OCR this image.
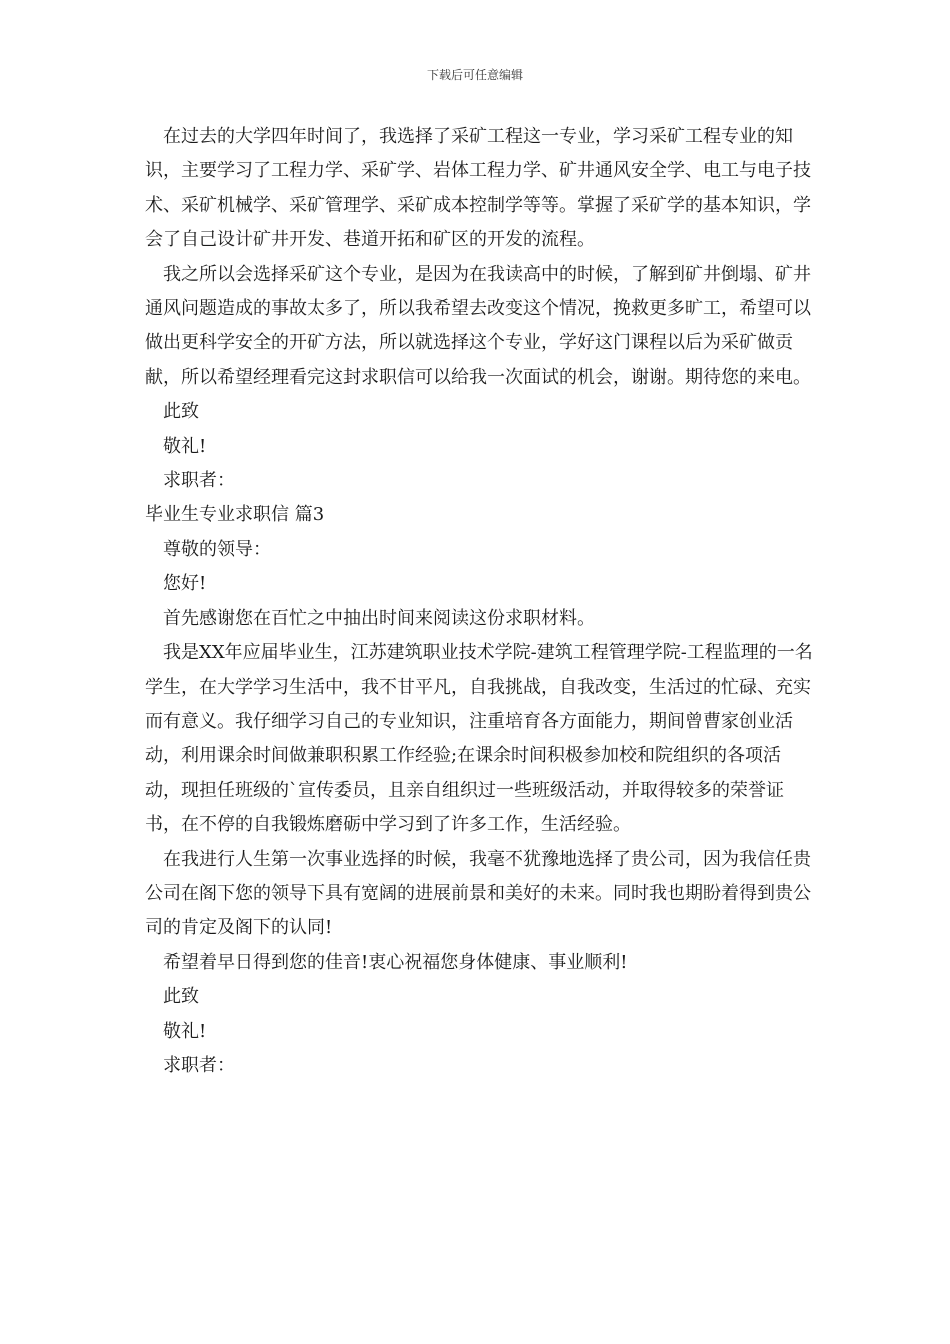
下载后可任意编辑

在过去的大学四年时间了，我选择了采矿工程这一专业，学习采矿工程专业的知识，主要学习了工程力学、采矿学、岩体工程力学、矿井通风安全学、电工与电子技术、采矿机械学、采矿管理学、采矿成本控制学等等。掌握了采矿学的基本知识，学会了自己设计矿井开发、巷道开拓和矿区的开发的流程。

我之所以会选择采矿这个专业，是因为在我读高中的时候，了解到矿井倒塌、矿井通风问题造成的事故太多了，所以我希望去改变这个情况，挽救更多旷工，希望可以做出更科学安全的开矿方法，所以就选择这个专业，学好这门课程以后为采矿做贡献，所以希望经理看完这封求职信可以给我一次面试的机会，谢谢。期待您的来电。

此致

敬礼!

求职者：

毕业生专业求职信 篇3

尊敬的领导：

您好!

首先感谢您在百忙之中抽出时间来阅读这份求职材料。

我是XX年应届毕业生，江苏建筑职业技术学院-建筑工程管理学院-工程监理的一名学生，在大学学习生活中，我不甘平凡，自我挑战，自我改变，生活过的忙碌、充实而有意义。我仔细学习自己的专业知识，注重培育各方面能力，期间曾曹家创业活动，利用课余时间做兼职积累工作经验;在课余时间积极参加校和院组织的各项活动，现担任班级的`宣传委员，且亲自组织过一些班级活动，并取得较多的荣誉证书，在不停的自我锻炼磨砺中学习到了许多工作，生活经验。

在我进行人生第一次事业选择的时候，我毫不犹豫地选择了贵公司，因为我信任贵公司在阁下您的领导下具有宽阔的进展前景和美好的未来。同时我也期盼着得到贵公司的肯定及阁下的认同!

希望着早日得到您的佳音!衷心祝福您身体健康、事业顺利!

此致

敬礼!

求职者：
